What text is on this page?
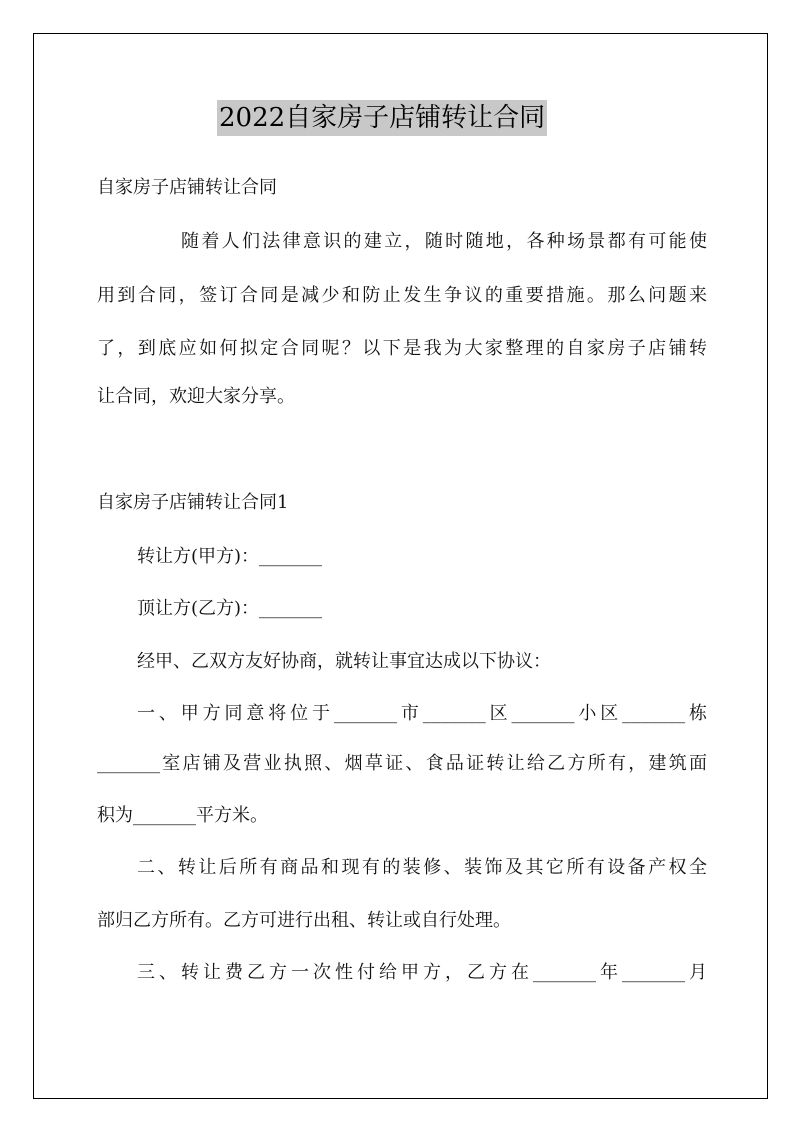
2022自家房子店铺转让合同
自家房子店铺转让合同
随着人们法律意识的建立，随时随地，各种场景都有可能使
用到合同，签订合同是减少和防止发生争议的重要措施。那么问题来
了，到底应如何拟定合同呢？以下是我为大家整理的自家房子店铺转
让合同，欢迎大家分享。
自家房子店铺转让合同1
转让方(甲方)：_______
顶让方(乙方)：_______
经甲、乙双方友好协商，就转让事宜达成以下协议：
一、甲方同意将位于_______市_______区_______小区_______栋
_______室店铺及营业执照、烟草证、食品证转让给乙方所有，建筑面
积为_______平方米。
二、转让后所有商品和现有的装修、装饰及其它所有设备产权全
部归乙方所有。乙方可进行出租、转让或自行处理。
三、转让费乙方一次性付给甲方，乙方在_______年_______月
